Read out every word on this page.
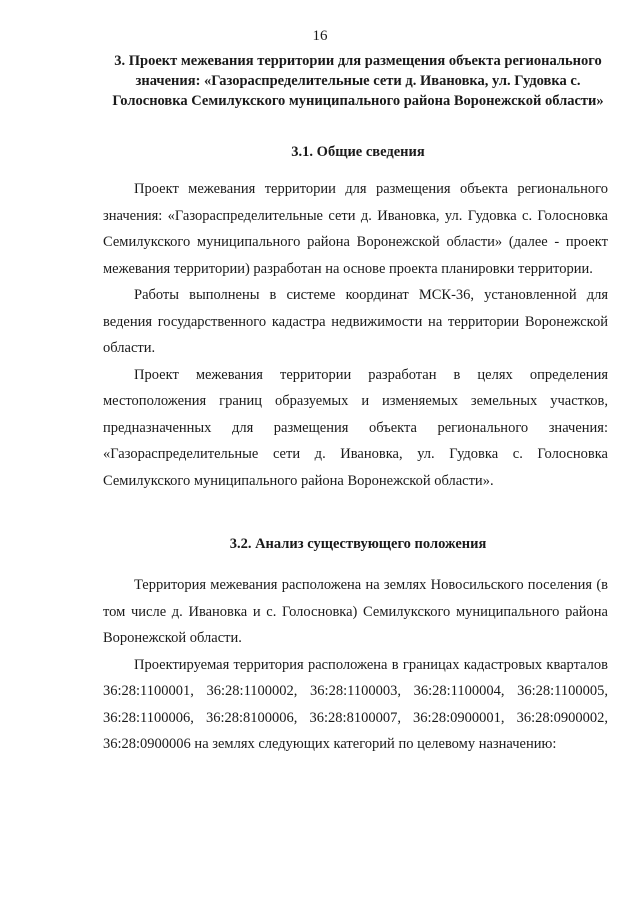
16

3. Проект межевания территории для размещения объекта регионального значения: «Газораспределительные сети д. Ивановка, ул. Гудовка с. Голосновка Семилукского муниципального района Воронежской области»
3.1. Общие сведения

Проект межевания территории для размещения объекта регионального значения: «Газораспределительные сети д. Ивановка, ул. Гудовка с. Голосновка Семилукского муниципального района Воронежской области» (далее - проект межевания территории) разработан на основе проекта планировки территории.

Работы выполнены в системе координат МСК-36, установленной для ведения государственного кадастра недвижимости на территории Воронежской области.

Проект межевания территории разработан в целях определения местоположения границ образуемых и изменяемых земельных участков, предназначенных для размещения объекта регионального значения: «Газораспределительные сети д. Ивановка, ул. Гудовка с. Голосновка Семилукского муниципального района Воронежской области».

3.2. Анализ существующего положения

Территория межевания расположена на землях Новосильского поселения (в том числе д. Ивановка и с. Голосновка) Семилукского муниципального района Воронежской области.

Проектируемая территория расположена в границах кадастровых кварталов 36:28:1100001, 36:28:1100002, 36:28:1100003, 36:28:1100004, 36:28:1100005, 36:28:1100006, 36:28:8100006, 36:28:8100007, 36:28:0900001, 36:28:0900002, 36:28:0900006 на землях следующих категорий по целевому назначению:
